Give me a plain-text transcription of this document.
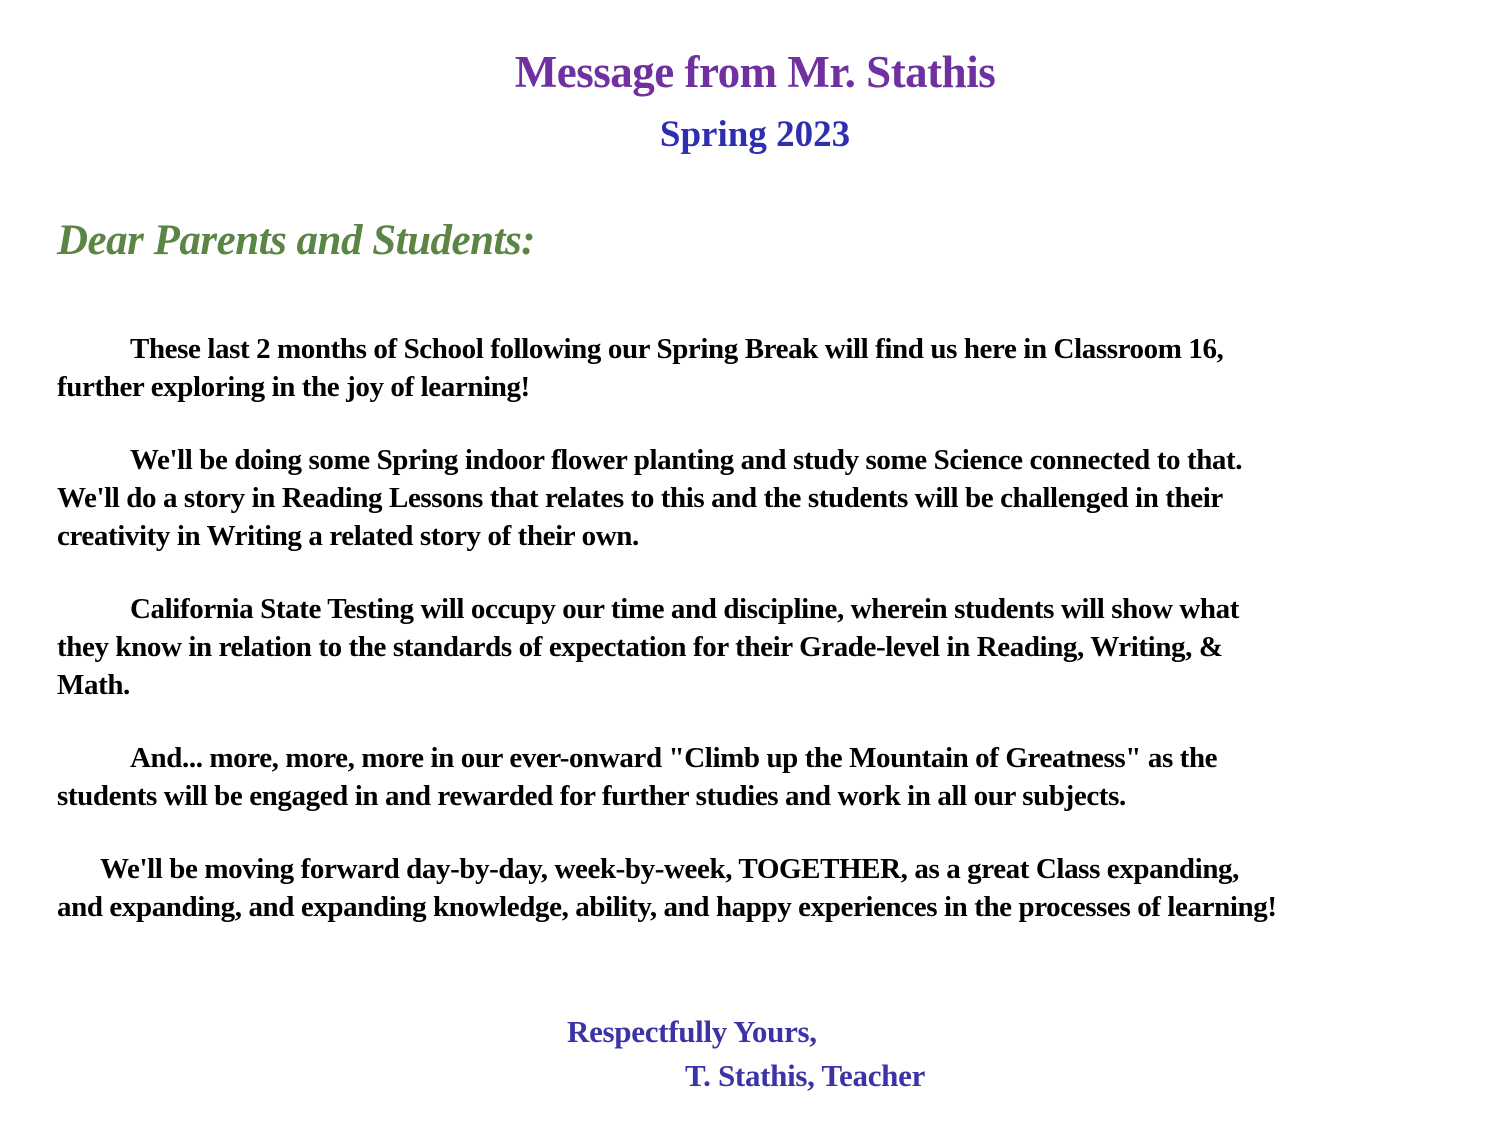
Message from Mr. Stathis
Spring 2023
Dear Parents and Students:
These last 2 months of School following our Spring Break will find us here in Classroom 16,
further exploring in the joy of learning!
We'll be doing some Spring indoor flower planting and study some Science connected to that.
We'll do a story in Reading Lessons that relates to this and the students will be challenged in their
creativity in Writing a related story of their own.
California State Testing will occupy our time and discipline, wherein students will show what
they know in relation to the standards of expectation for their Grade-level in Reading, Writing, &
Math.
And... more, more, more in our ever-onward "Climb up the Mountain of Greatness" as the
students will be engaged in and rewarded for further studies and work in all our subjects.
We'll be moving forward day-by-day, week-by-week, TOGETHER, as a great Class expanding,
and expanding, and expanding knowledge, ability, and happy experiences in the processes of learning!
Respectfully Yours,
T. Stathis, Teacher
